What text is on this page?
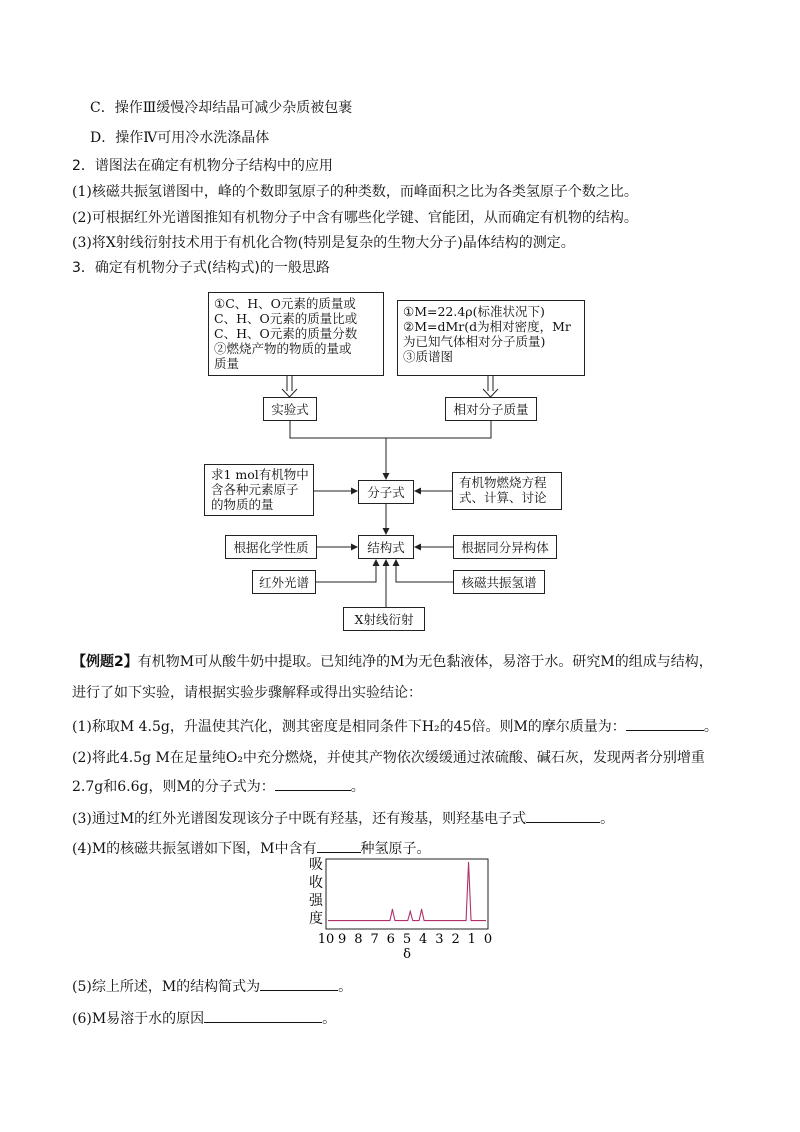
C．操作Ⅲ缓慢冷却结晶可减少杂质被包裹
D．操作Ⅳ可用冷水洗涤晶体
2．谱图法在确定有机物分子结构中的应用
(1)核磁共振氢谱图中，峰的个数即氢原子的种类数，而峰面积之比为各类氢原子个数之比。
(2)可根据红外光谱图推知有机物分子中含有哪些化学键、官能团，从而确定有机物的结构。
(3)将X射线衍射技术用于有机化合物(特别是复杂的生物大分子)晶体结构的测定。
3．确定有机物分子式(结构式)的一般思路
①C、H、O元素的质量或
C、H、O元素的质量比或
C、H、O元素的质量分数
②燃烧产物的物质的量或
质量
①M=22.4ρ(标准状况下)
②M=dMr(d为相对密度，Mr
为已知气体相对分子质量)
③质谱图
实验式	相对分子质量
求1 mol有机物中
含各种元素原子
的物质的量
分子式
有机物燃烧方程
式、计算、讨论
根据化学性质	结构式	根据同分异构体
红外光谱	核磁共振氢谱
X射线衍射
【例题2】有机物M可从酸牛奶中提取。已知纯净的M为无色黏液体，易溶于水。研究M的组成与结构，
进行了如下实验，请根据实验步骤解释或得出实验结论：
(1)称取M 4.5g，升温使其汽化，测其密度是相同条件下H₂的45倍。则M的摩尔质量为：	。
(2)将此4.5g M在足量纯O₂中充分燃烧，并使其产物依次缓缓通过浓硫酸、碱石灰，发现两者分别增重
2.7g和6.6g，则M的分子式为：	。
(3)通过M的红外光谱图发现该分子中既有羟基，还有羧基，则羟基电子式	。
(4)M的核磁共振氢谱如下图，M中含有	种氢原子。
吸
收
强
度
10 9 8 7 6 5 4 3 2 1 0
δ
(5)综上所述，M的结构简式为	。
(6)M易溶于水的原因	。
